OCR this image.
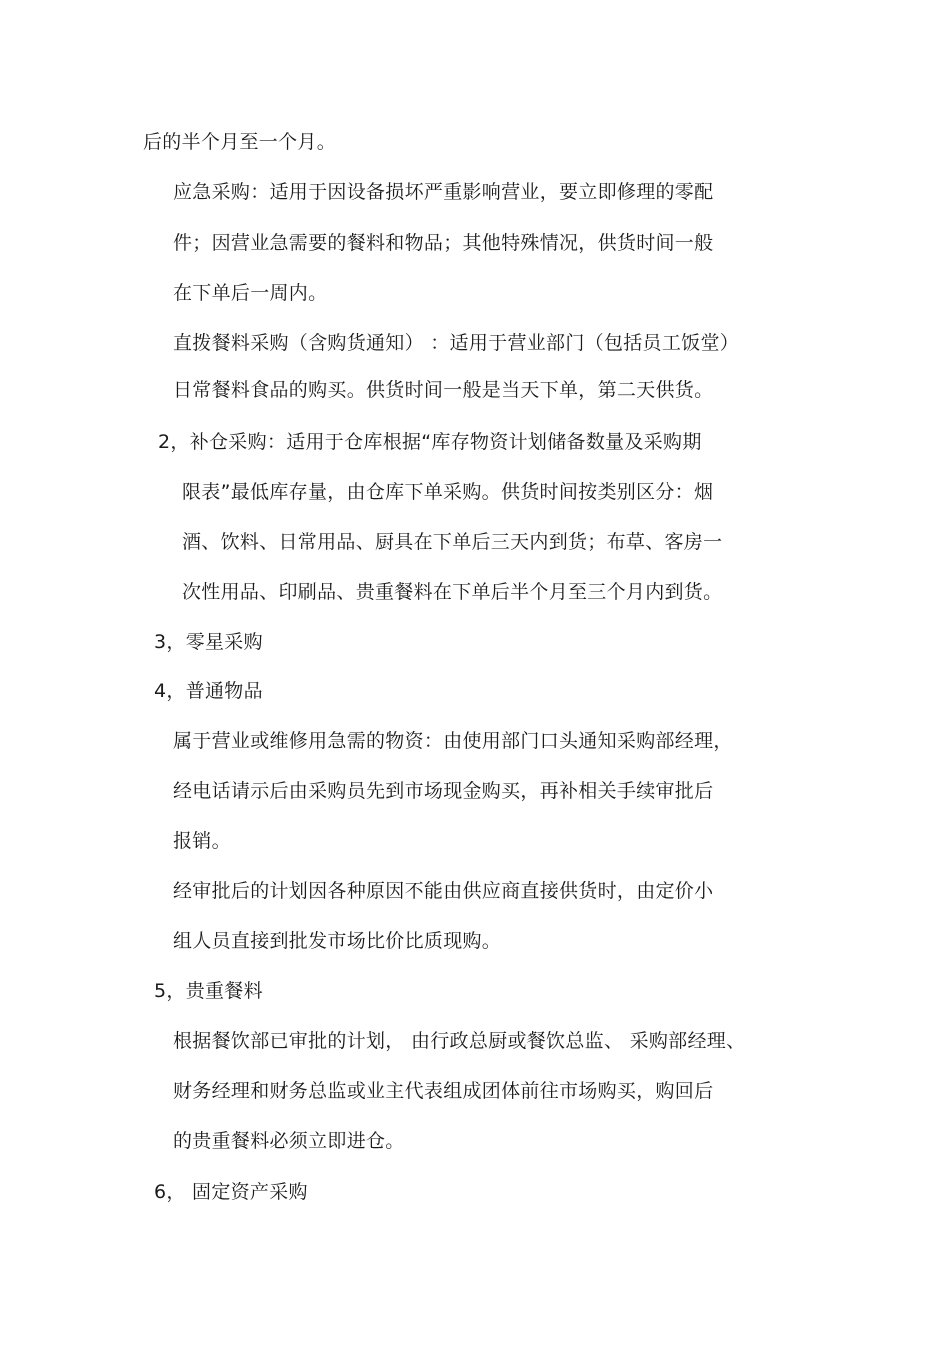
后的半个月至一个月。
应急采购：适用于因设备损坏严重影响营业，要立即修理的零配
件；因营业急需要的餐料和物品；其他特殊情况，供货时间一般
在下单后一周内。
直拨餐料采购（含购货通知） ：适用于营业部门（包括员工饭堂）
日常餐料食品的购买。供货时间一般是当天下单，第二天供货。
2，补仓采购：适用于仓库根据“库存物资计划储备数量及采购期
限表”最低库存量，由仓库下单采购。供货时间按类别区分：烟
酒、饮料、日常用品、厨具在下单后三天内到货；布草、客房一
次性用品、印刷品、贵重餐料在下单后半个月至三个月内到货。
3，零星采购
4，普通物品
属于营业或维修用急需的物资：由使用部门口头通知采购部经理，
经电话请示后由采购员先到市场现金购买，再补相关手续审批后
报销。
经审批后的计划因各种原因不能由供应商直接供货时，由定价小
组人员直接到批发市场比价比质现购。
5，贵重餐料
根据餐饮部已审批的计划， 由行政总厨或餐饮总监、 采购部经理、
财务经理和财务总监或业主代表组成团体前往市场购买，购回后
的贵重餐料必须立即进仓。
6， 固定资产采购
